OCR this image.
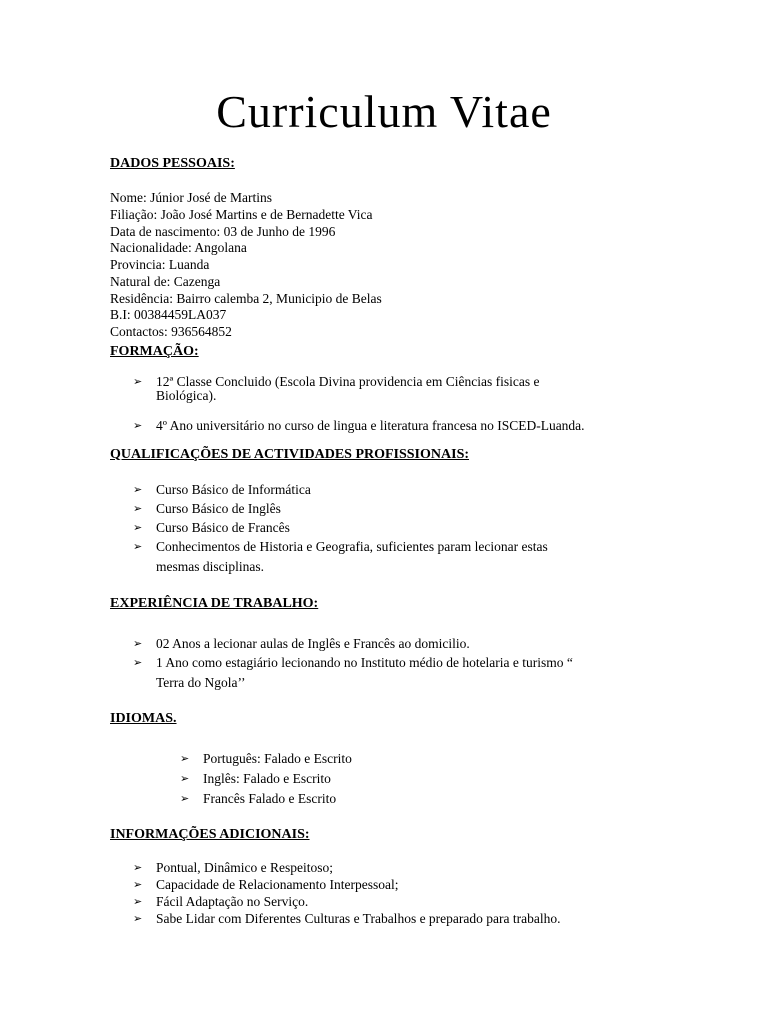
Curriculum Vitae
DADOS PESSOAIS:
Nome: Júnior José de Martins
Filiação: João José Martins e de Bernadette Vica
Data de nascimento: 03 de Junho de 1996
Nacionalidade: Angolana
Provincia: Luanda
Natural de: Cazenga
Residência: Bairro calemba 2, Municipio de Belas
B.I: 00384459LA037
Contactos: 936564852
FORMAÇÃO:
➢ 12ª Classe Concluido (Escola Divina providencia em Ciências fisicas e
Biológica).
➢ 4º Ano universitário no curso de lingua e literatura francesa no ISCED-Luanda.
QUALIFICAÇÕES DE ACTIVIDADES PROFISSIONAIS:
➢ Curso Básico de Informática
➢ Curso Básico de Inglês
➢ Curso Básico de Francês
➢ Conhecimentos de Historia e Geografia, suficientes param lecionar estas
mesmas disciplinas.
EXPERIÊNCIA DE TRABALHO:
➢ 02 Anos a lecionar aulas de Inglês e Francês ao domicilio.
➢ 1 Ano como estagiário lecionando no Instituto médio de hotelaria e turismo “
Terra do Ngola’’
IDIOMAS.
➢ Português: Falado e Escrito
➢ Inglês: Falado e Escrito
➢ Francês Falado e Escrito
INFORMAÇÕES ADICIONAIS:
➢ Pontual, Dinâmico e Respeitoso;
➢ Capacidade de Relacionamento Interpessoal;
➢ Fácil Adaptação no Serviço.
➢ Sabe Lidar com Diferentes Culturas e Trabalhos e preparado para trabalho.
